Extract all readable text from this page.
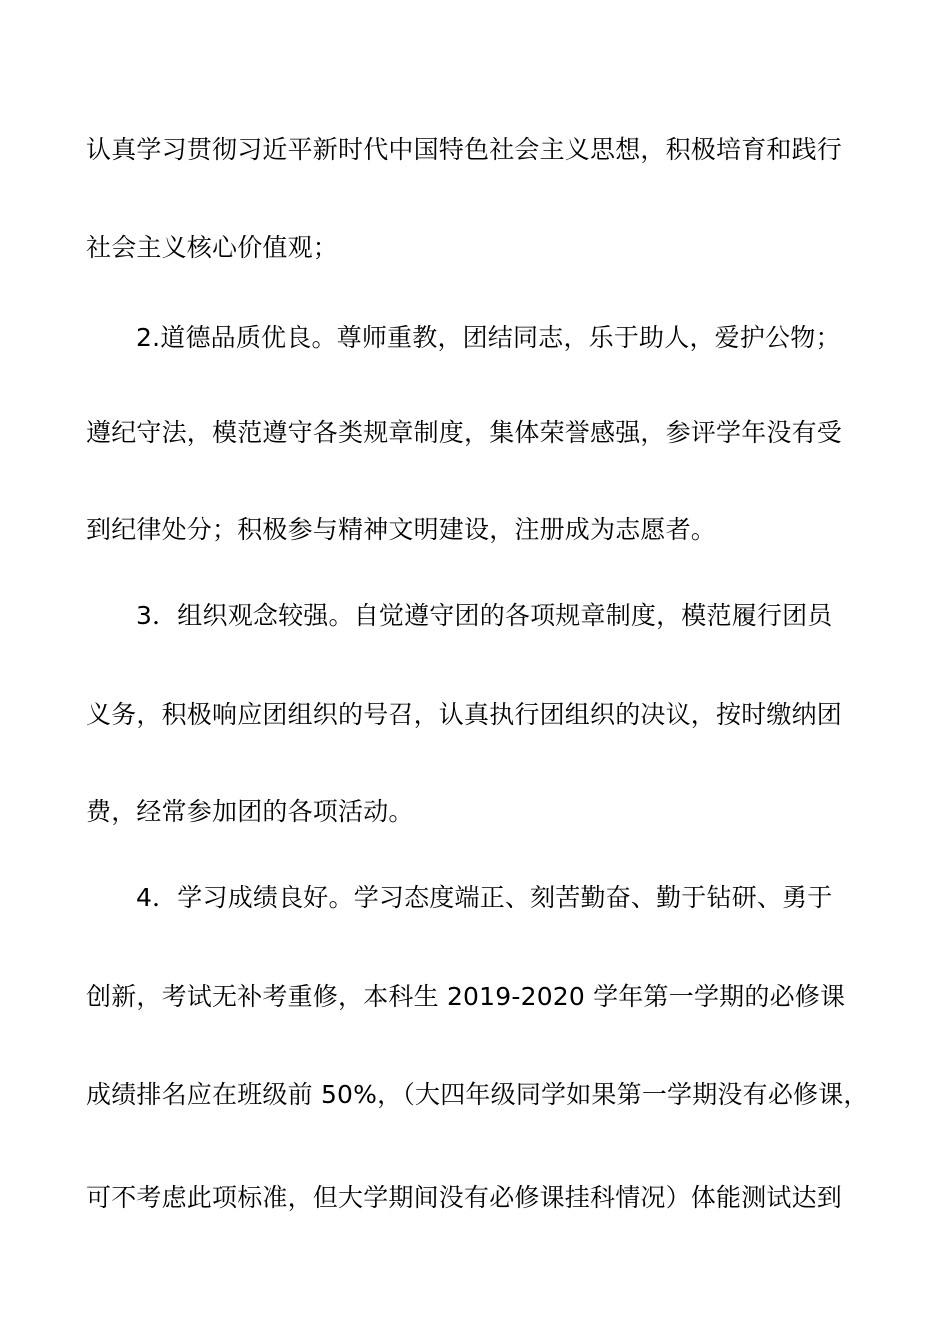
认真学习贯彻习近平新时代中国特色社会主义思想，积极培育和践行
社会主义核心价值观；
2.道德品质优良。尊师重教，团结同志，乐于助人，爱护公物；
遵纪守法，模范遵守各类规章制度，集体荣誉感强，参评学年没有受
到纪律处分；积极参与精神文明建设，注册成为志愿者。
3．组织观念较强。自觉遵守团的各项规章制度，模范履行团员
义务，积极响应团组织的号召，认真执行团组织的决议，按时缴纳团
费，经常参加团的各项活动。
4．学习成绩良好。学习态度端正、刻苦勤奋、勤于钻研、勇于
创新，考试无补考重修，本科生 2019-2020 学年第一学期的必修课
成绩排名应在班级前 50%，（大四年级同学如果第一学期没有必修课，
可不考虑此项标准，但大学期间没有必修课挂科情况）体能测试达到
